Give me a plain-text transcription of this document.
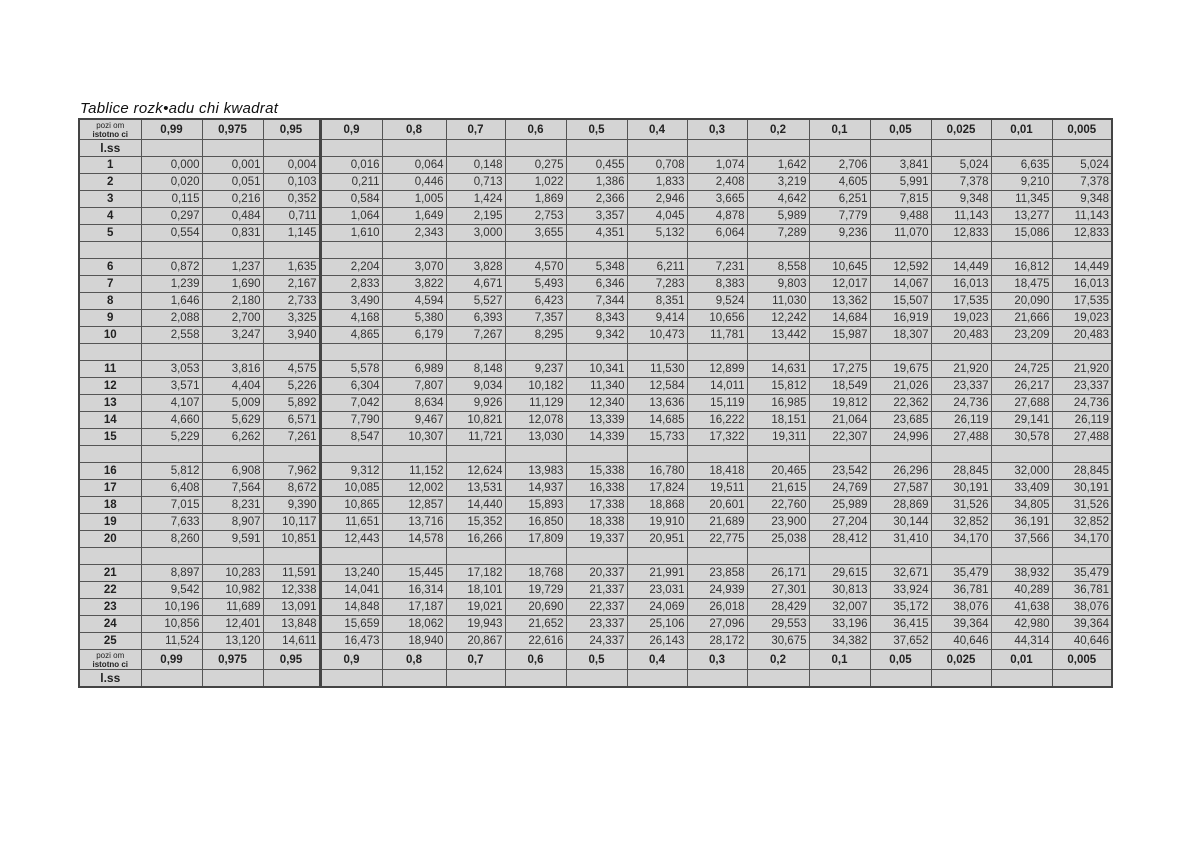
Tablice rozk•adu chi kwadrat
pozi om
istotno ci	0,99	0,975	0,95	0,9	0,8	0,7	0,6	0,5	0,4	0,3	0,2	0,1	0,05	0,025	0,01	0,005
l.ss																
1	0,000	0,001	0,004	0,016	0,064	0,148	0,275	0,455	0,708	1,074	1,642	2,706	3,841	5,024	6,635	5,024
2	0,020	0,051	0,103	0,211	0,446	0,713	1,022	1,386	1,833	2,408	3,219	4,605	5,991	7,378	9,210	7,378
3	0,115	0,216	0,352	0,584	1,005	1,424	1,869	2,366	2,946	3,665	4,642	6,251	7,815	9,348	11,345	9,348
4	0,297	0,484	0,711	1,064	1,649	2,195	2,753	3,357	4,045	4,878	5,989	7,779	9,488	11,143	13,277	11,143
5	0,554	0,831	1,145	1,610	2,343	3,000	3,655	4,351	5,132	6,064	7,289	9,236	11,070	12,833	15,086	12,833

6	0,872	1,237	1,635	2,204	3,070	3,828	4,570	5,348	6,211	7,231	8,558	10,645	12,592	14,449	16,812	14,449
7	1,239	1,690	2,167	2,833	3,822	4,671	5,493	6,346	7,283	8,383	9,803	12,017	14,067	16,013	18,475	16,013
8	1,646	2,180	2,733	3,490	4,594	5,527	6,423	7,344	8,351	9,524	11,030	13,362	15,507	17,535	20,090	17,535
9	2,088	2,700	3,325	4,168	5,380	6,393	7,357	8,343	9,414	10,656	12,242	14,684	16,919	19,023	21,666	19,023
10	2,558	3,247	3,940	4,865	6,179	7,267	8,295	9,342	10,473	11,781	13,442	15,987	18,307	20,483	23,209	20,483

11	3,053	3,816	4,575	5,578	6,989	8,148	9,237	10,341	11,530	12,899	14,631	17,275	19,675	21,920	24,725	21,920
12	3,571	4,404	5,226	6,304	7,807	9,034	10,182	11,340	12,584	14,011	15,812	18,549	21,026	23,337	26,217	23,337
13	4,107	5,009	5,892	7,042	8,634	9,926	11,129	12,340	13,636	15,119	16,985	19,812	22,362	24,736	27,688	24,736
14	4,660	5,629	6,571	7,790	9,467	10,821	12,078	13,339	14,685	16,222	18,151	21,064	23,685	26,119	29,141	26,119
15	5,229	6,262	7,261	8,547	10,307	11,721	13,030	14,339	15,733	17,322	19,311	22,307	24,996	27,488	30,578	27,488

16	5,812	6,908	7,962	9,312	11,152	12,624	13,983	15,338	16,780	18,418	20,465	23,542	26,296	28,845	32,000	28,845
17	6,408	7,564	8,672	10,085	12,002	13,531	14,937	16,338	17,824	19,511	21,615	24,769	27,587	30,191	33,409	30,191
18	7,015	8,231	9,390	10,865	12,857	14,440	15,893	17,338	18,868	20,601	22,760	25,989	28,869	31,526	34,805	31,526
19	7,633	8,907	10,117	11,651	13,716	15,352	16,850	18,338	19,910	21,689	23,900	27,204	30,144	32,852	36,191	32,852
20	8,260	9,591	10,851	12,443	14,578	16,266	17,809	19,337	20,951	22,775	25,038	28,412	31,410	34,170	37,566	34,170

21	8,897	10,283	11,591	13,240	15,445	17,182	18,768	20,337	21,991	23,858	26,171	29,615	32,671	35,479	38,932	35,479
22	9,542	10,982	12,338	14,041	16,314	18,101	19,729	21,337	23,031	24,939	27,301	30,813	33,924	36,781	40,289	36,781
23	10,196	11,689	13,091	14,848	17,187	19,021	20,690	22,337	24,069	26,018	28,429	32,007	35,172	38,076	41,638	38,076
24	10,856	12,401	13,848	15,659	18,062	19,943	21,652	23,337	25,106	27,096	29,553	33,196	36,415	39,364	42,980	39,364
25	11,524	13,120	14,611	16,473	18,940	20,867	22,616	24,337	26,143	28,172	30,675	34,382	37,652	40,646	44,314	40,646
pozi om
istotno ci	0,99	0,975	0,95	0,9	0,8	0,7	0,6	0,5	0,4	0,3	0,2	0,1	0,05	0,025	0,01	0,005
l.ss																
